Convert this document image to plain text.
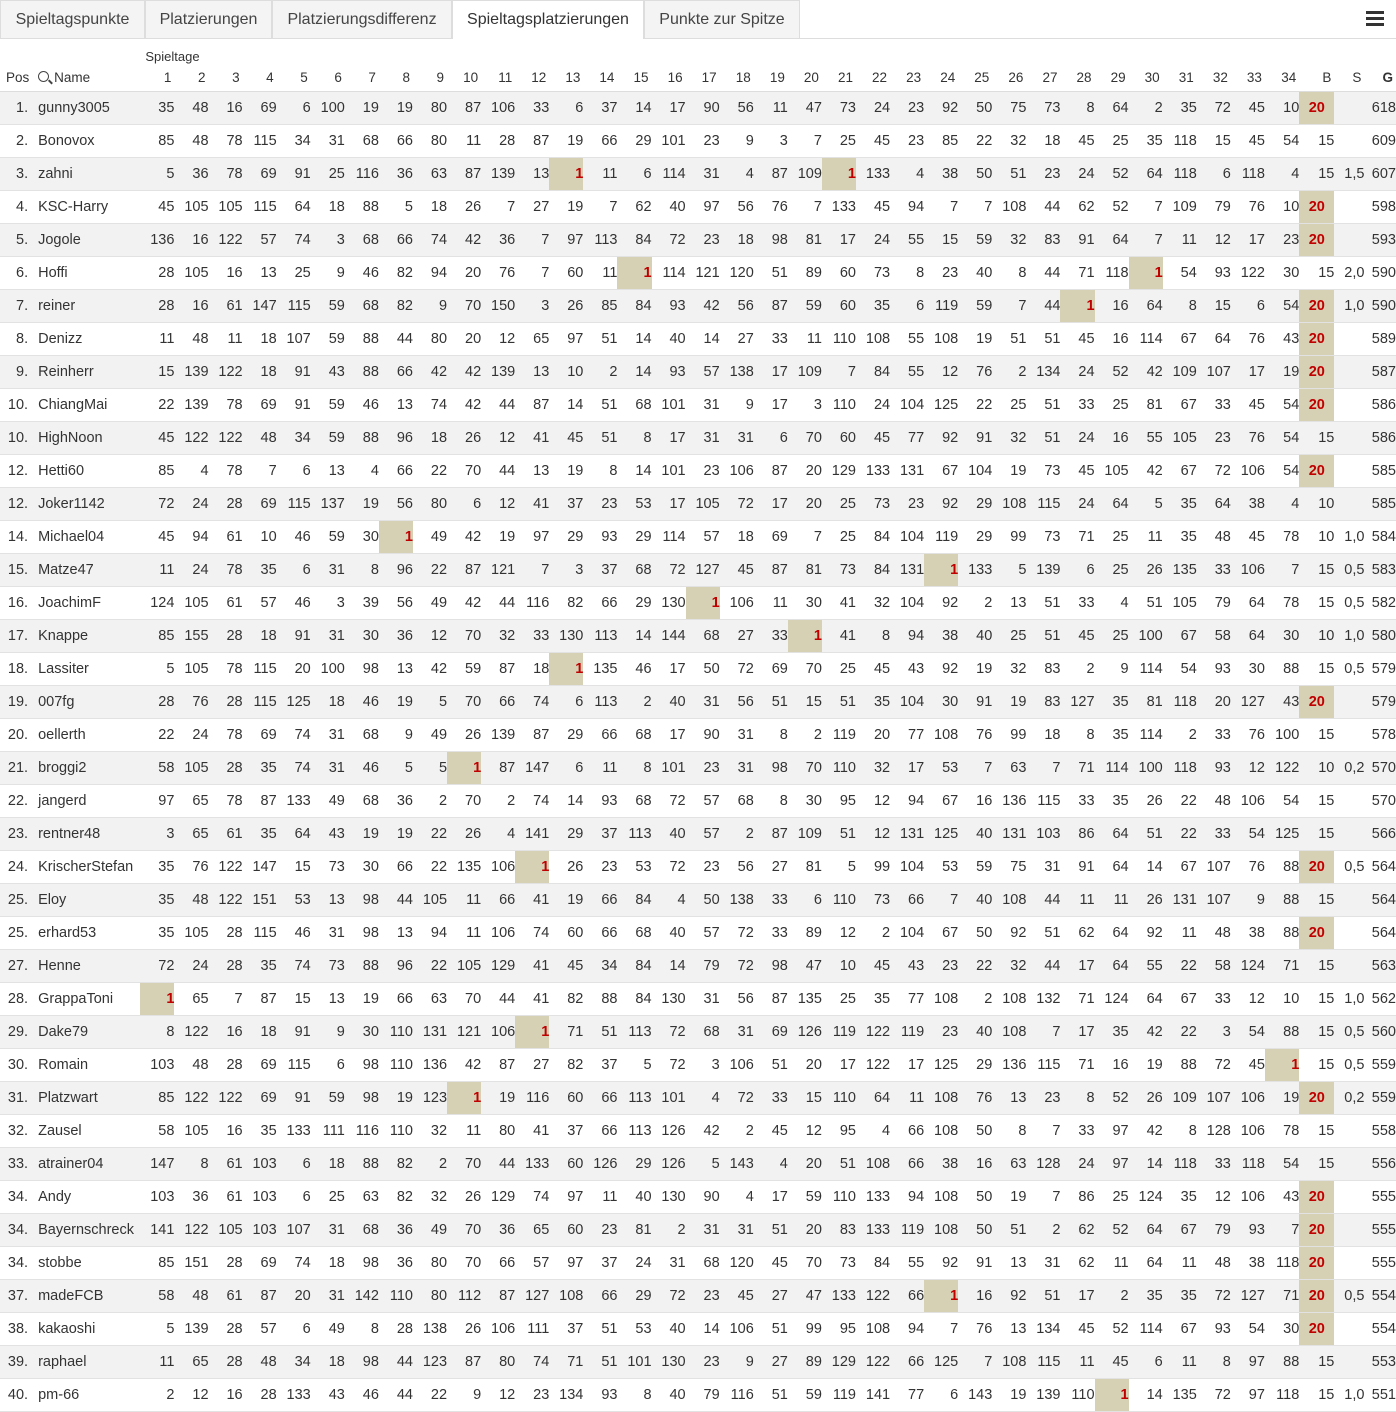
Spieltagspunkte	Platzierungen	Platzierungsdifferenz	Spieltagsplatzierungen	Punkte zur Spitze
		Spieltage																																				
Pos	Name	1	2	3	4	5	6	7	8	9	10	11	12	13	14	15	16	17	18	19	20	21	22	23	24	25	26	27	28	29	30	31	32	33	34	B	S	G
1.	gunny3005	35	48	16	69	6	100	19	19	80	87	106	33	6	37	14	17	90	56	11	47	73	24	23	92	50	75	73	8	64	2	35	72	45	10	20		618
2.	Bonovox	85	48	78	115	34	31	68	66	80	11	28	87	19	66	29	101	23	9	3	7	25	45	23	85	22	32	18	45	25	35	118	15	45	54	15		609
3.	zahni	5	36	78	69	91	25	116	36	63	87	139	13	1	11	6	114	31	4	87	109	1	133	4	38	50	51	23	24	52	64	118	6	118	4	15	1,5	607
4.	KSC-Harry	45	105	105	115	64	18	88	5	18	26	7	27	19	7	62	40	97	56	76	7	133	45	94	7	7	108	44	62	52	7	109	79	76	10	20		598
5.	Jogole	136	16	122	57	74	3	68	66	74	42	36	7	97	113	84	72	23	18	98	81	17	24	55	15	59	32	83	91	64	7	11	12	17	23	20		593
6.	Hoffi	28	105	16	13	25	9	46	82	94	20	76	7	60	11	1	114	121	120	51	89	60	73	8	23	40	8	44	71	118	1	54	93	122	30	15	2,0	590
7.	reiner	28	16	61	147	115	59	68	82	9	70	150	3	26	85	84	93	42	56	87	59	60	35	6	119	59	7	44	1	16	64	8	15	6	54	20	1,0	590
8.	Denizz	11	48	11	18	107	59	88	44	80	20	12	65	97	51	14	40	14	27	33	11	110	108	55	108	19	51	51	45	16	114	67	64	76	43	20		589
9.	Reinherr	15	139	122	18	91	43	88	66	42	42	139	13	10	2	14	93	57	138	17	109	7	84	55	12	76	2	134	24	52	42	109	107	17	19	20		587
10.	ChiangMai	22	139	78	69	91	59	46	13	74	42	44	87	14	51	68	101	31	9	17	3	110	24	104	125	22	25	51	33	25	81	67	33	45	54	20		586
10.	HighNoon	45	122	122	48	34	59	88	96	18	26	12	41	45	51	8	17	31	31	6	70	60	45	77	92	91	32	51	24	16	55	105	23	76	54	15		586
12.	Hetti60	85	4	78	7	6	13	4	66	22	70	44	13	19	8	14	101	23	106	87	20	129	133	131	67	104	19	73	45	105	42	67	72	106	54	20		585
12.	Joker1142	72	24	28	69	115	137	19	56	80	6	12	41	37	23	53	17	105	72	17	20	25	73	23	92	29	108	115	24	64	5	35	64	38	4	10		585
14.	Michael04	45	94	61	10	46	59	30	1	49	42	19	97	29	93	29	114	57	18	69	7	25	84	104	119	29	99	73	71	25	11	35	48	45	78	10	1,0	584
15.	Matze47	11	24	78	35	6	31	8	96	22	87	121	7	3	37	68	72	127	45	87	81	73	84	131	1	133	5	139	6	25	26	135	33	106	7	15	0,5	583
16.	JoachimF	124	105	61	57	46	3	39	56	49	42	44	116	82	66	29	130	1	106	11	30	41	32	104	92	2	13	51	33	4	51	105	79	64	78	15	0,5	582
17.	Knappe	85	155	28	18	91	31	30	36	12	70	32	33	130	113	14	144	68	27	33	1	41	8	94	38	40	25	51	45	25	100	67	58	64	30	10	1,0	580
18.	Lassiter	5	105	78	115	20	100	98	13	42	59	87	18	1	135	46	17	50	72	69	70	25	45	43	92	19	32	83	2	9	114	54	93	30	88	15	0,5	579
19.	007fg	28	76	28	115	125	18	46	19	5	70	66	74	6	113	2	40	31	56	51	15	51	35	104	30	91	19	83	127	35	81	118	20	127	43	20		579
20.	oellerth	22	24	78	69	74	31	68	9	49	26	139	87	29	66	68	17	90	31	8	2	119	20	77	108	76	99	18	8	35	114	2	33	76	100	15		578
21.	broggi2	58	105	28	35	74	31	46	5	5	1	87	147	6	11	8	101	23	31	98	70	110	32	17	53	7	63	7	71	114	100	118	93	12	122	10	0,2	570
22.	jangerd	97	65	78	87	133	49	68	36	2	70	2	74	14	93	68	72	57	68	8	30	95	12	94	67	16	136	115	33	35	26	22	48	106	54	15		570
23.	rentner48	3	65	61	35	64	43	19	19	22	26	4	141	29	37	113	40	57	2	87	109	51	12	131	125	40	131	103	86	64	51	22	33	54	125	15		566
24.	KrischerStefan	35	76	122	147	15	73	30	66	22	135	106	1	26	23	53	72	23	56	27	81	5	99	104	53	59	75	31	91	64	14	67	107	76	88	20	0,5	564
25.	Eloy	35	48	122	151	53	13	98	44	105	11	66	41	19	66	84	4	50	138	33	6	110	73	66	7	40	108	44	11	11	26	131	107	9	88	15		564
25.	erhard53	35	105	28	115	46	31	98	13	94	11	106	74	60	66	68	40	57	72	33	89	12	2	104	67	50	92	51	62	64	92	11	48	38	88	20		564
27.	Henne	72	24	28	35	74	73	88	96	22	105	129	41	45	34	84	14	79	72	98	47	10	45	43	23	22	32	44	17	64	55	22	58	124	71	15		563
28.	GrappaToni	1	65	7	87	15	13	19	66	63	70	44	41	82	88	84	130	31	56	87	135	25	35	77	108	2	108	132	71	124	64	67	33	12	10	15	1,0	562
29.	Dake79	8	122	16	18	91	9	30	110	131	121	106	1	71	51	113	72	68	31	69	126	119	122	119	23	40	108	7	17	35	42	22	3	54	88	15	0,5	560
30.	Romain	103	48	28	69	115	6	98	110	136	42	87	27	82	37	5	72	3	106	51	20	17	122	17	125	29	136	115	71	16	19	88	72	45	1	15	0,5	559
31.	Platzwart	85	122	122	69	91	59	98	19	123	1	19	116	60	66	113	101	4	72	33	15	110	64	11	108	76	13	23	8	52	26	109	107	106	19	20	0,2	559
32.	Zausel	58	105	16	35	133	111	116	110	32	11	80	41	37	66	113	126	42	2	45	12	95	4	66	108	50	8	7	33	97	42	8	128	106	78	15		558
33.	atrainer04	147	8	61	103	6	18	88	82	2	70	44	133	60	126	29	126	5	143	4	20	51	108	66	38	16	63	128	24	97	14	118	33	118	54	15		556
34.	Andy	103	36	61	103	6	25	63	82	32	26	129	74	97	11	40	130	90	4	17	59	110	133	94	108	50	19	7	86	25	124	35	12	106	43	20		555
34.	Bayernschreck	141	122	105	103	107	31	68	36	49	70	36	65	60	23	81	2	31	31	51	20	83	133	119	108	50	51	2	62	52	64	67	79	93	7	20		555
34.	stobbe	85	151	28	69	74	18	98	36	80	70	66	57	97	37	24	31	68	120	45	70	73	84	55	92	91	13	31	62	11	64	11	48	38	118	20		555
37.	madeFCB	58	48	61	87	20	31	142	110	80	112	87	127	108	66	29	72	23	45	27	47	133	122	66	1	16	92	51	17	2	35	35	72	127	71	20	0,5	554
38.	kakaoshi	5	139	28	57	6	49	8	28	138	26	106	111	37	51	53	40	14	106	51	99	95	108	94	7	76	13	134	45	52	114	67	93	54	30	20		554
39.	raphael	11	65	28	48	34	18	98	44	123	87	80	74	71	51	101	130	23	9	27	89	129	122	66	125	7	108	115	11	45	6	11	8	97	88	15		553
40.	pm-66	2	12	16	28	133	43	46	44	22	9	12	23	134	93	8	40	79	116	51	59	119	141	77	6	143	19	139	110	1	14	135	72	97	118	15	1,0	551
